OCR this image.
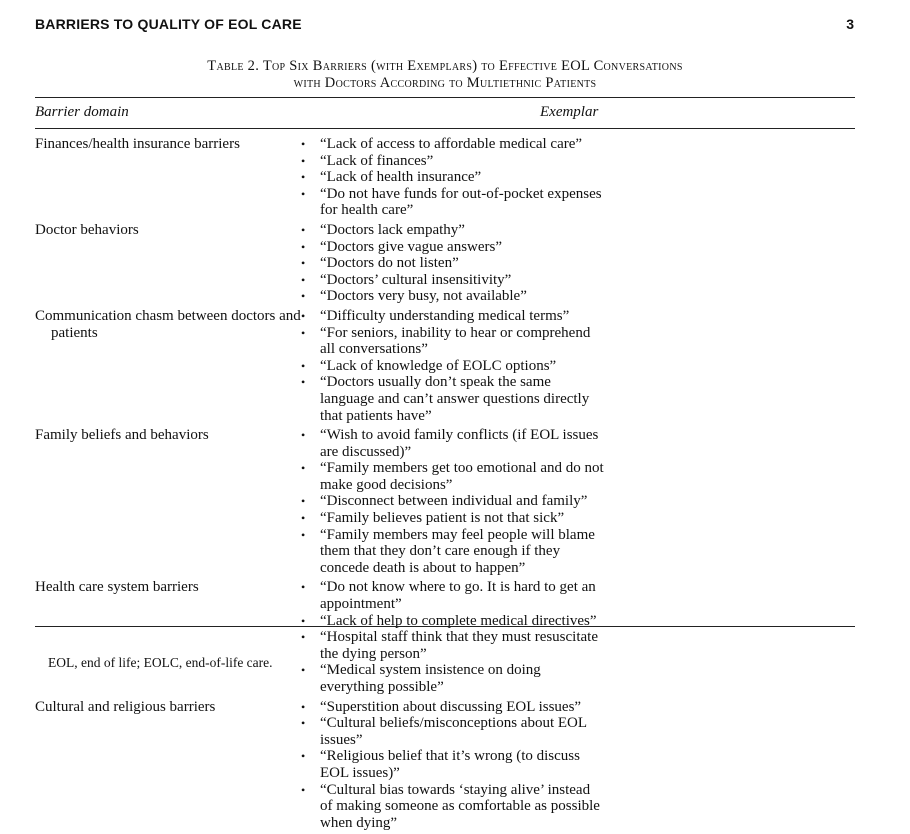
BARRIERS TO QUALITY OF EOL CARE	3
Table 2. Top Six Barriers (with Exemplars) to Effective EOL Conversations
with Doctors According to Multiethnic Patients
Barrier domain	Exemplar
Finances/health insurance barriers	• “Lack of access to affordable medical care”
• “Lack of finances”
• “Lack of health insurance”
• “Do not have funds for out-of-pocket expenses for health care”
Doctor behaviors	• “Doctors lack empathy”
• “Doctors give vague answers”
• “Doctors do not listen”
• “Doctors’ cultural insensitivity”
• “Doctors very busy, not available”
Communication chasm between doctors and patients
• “Difficulty understanding medical terms”
• “For seniors, inability to hear or comprehend all conversations”
• “Lack of knowledge of EOLC options”
• “Doctors usually don’t speak the same language and can’t answer questions directly that patients have”
Family beliefs and behaviors	• “Wish to avoid family conflicts (if EOL issues are discussed)”
• “Family members get too emotional and do not make good decisions”
• “Disconnect between individual and family”
• “Family believes patient is not that sick”
• “Family members may feel people will blame them that they don’t care enough if they concede death is about to happen”
Health care system barriers	• “Do not know where to go. It is hard to get an appointment”
• “Lack of help to complete medical directives”
• “Hospital staff think that they must resuscitate the dying person”
• “Medical system insistence on doing everything possible”
Cultural and religious barriers	• “Superstition about discussing EOL issues”
• “Cultural beliefs/misconceptions about EOL issues”
• “Religious belief that it’s wrong (to discuss EOL issues)”
• “Cultural bias towards ‘staying alive’ instead of making someone as comfortable as possible when dying”
EOL, end of life; EOLC, end-of-life care.
